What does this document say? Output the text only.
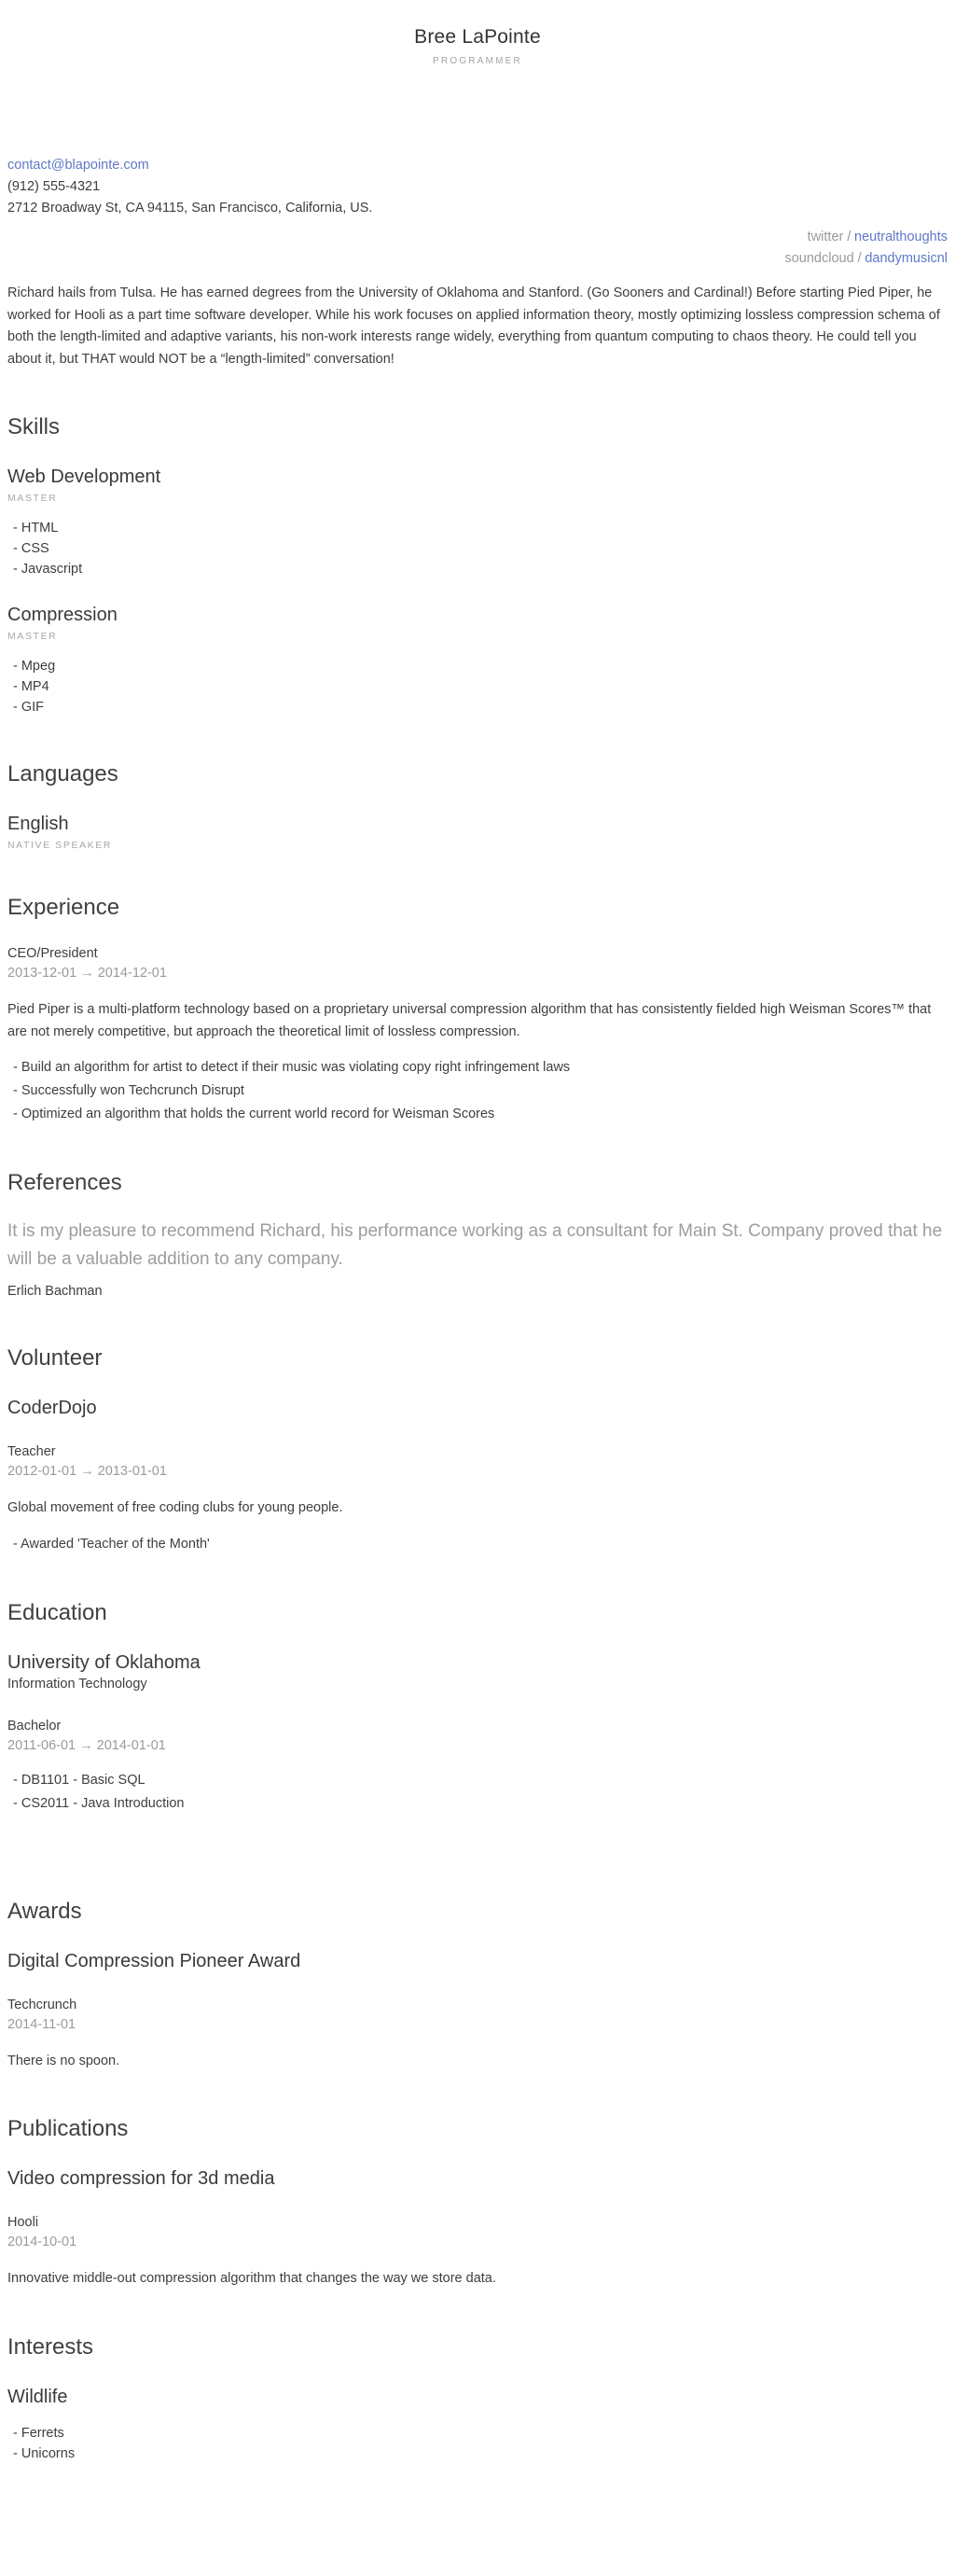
Bree LaPointe
PROGRAMMER
contact@blapointe.com
(912) 555-4321
2712 Broadway St, CA 94115, San Francisco, California, US.
twitter / neutralthoughts
soundcloud / dandymusicnl

Richard hails from Tulsa. He has earned degrees from the University of Oklahoma and Stanford. (Go Sooners and Cardinal!) Before starting Pied Piper, he worked for Hooli as a part time software developer. While his work focuses on applied information theory, mostly optimizing lossless compression schema of both the length-limited and adaptive variants, his non-work interests range widely, everything from quantum computing to chaos theory. He could tell you about it, but THAT would NOT be a “length-limited” conversation!

Skills
Web Development
MASTER
- HTML
- CSS
- Javascript
Compression
MASTER
- Mpeg
- MP4
- GIF
Languages
English
NATIVE SPEAKER
Experience
CEO/President
2013-12-01 → 2014-12-01

Pied Piper is a multi-platform technology based on a proprietary universal compression algorithm that has consistently fielded high Weisman Scores™ that are not merely competitive, but approach the theoretical limit of lossless compression.

- Build an algorithm for artist to detect if their music was violating copy right infringement laws
- Successfully won Techcrunch Disrupt
- Optimized an algorithm that holds the current world record for Weisman Scores
References
It is my pleasure to recommend Richard, his performance working as a consultant for Main St. Company proved that he will be a valuable addition to any company.
Erlich Bachman
Volunteer
CoderDojo
Teacher
2012-01-01 → 2013-01-01

Global movement of free coding clubs for young people.

- Awarded 'Teacher of the Month'
Education
University of Oklahoma
Information Technology
Bachelor
2011-06-01 → 2014-01-01
- DB1101 - Basic SQL
- CS2011 - Java Introduction
Awards
Digital Compression Pioneer Award
Techcrunch
2014-11-01

There is no spoon.

Publications
Video compression for 3d media
Hooli
2014-10-01

Innovative middle-out compression algorithm that changes the way we store data.

Interests
Wildlife
- Ferrets
- Unicorns
